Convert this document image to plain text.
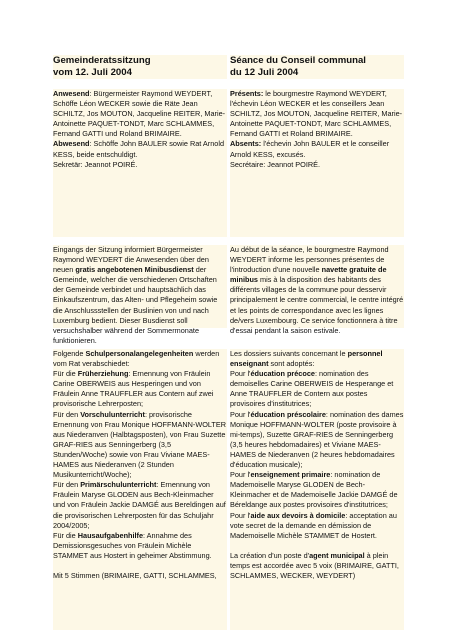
Gemeinderatssitzung
vom 12. Juli 2004

Séance du Conseil communal
du 12 Juli 2004

Anwesend: Bürgermeister Raymond WEYDERT, Schöffe Léon WECKER sowie die Räte Jean SCHILTZ, Jos MOUTON, Jacqueline REITER, Marie-Antoinette PAQUET-TONDT, Marc SCHLAMMES, Fernand GATTI und Roland BRIMAIRE.

Abwesend: Schöffe John BAULER sowie Rat Arnold KESS, beide entschuldigt.

Sekretär: Jeannot POIRÉ.

Présents: le bourgmestre Raymond WEYDERT, l'échevin Léon WECKER et les conseillers Jean SCHILTZ, Jos MOUTON, Jacqueline REITER, Marie-Antoinette PAQUET-TONDT, Marc SCHLAMMES, Fernand GATTI et Roland BRIMAIRE.

Absents: l'échevin John BAULER et le conseiller Arnold KESS, excusés.

Secrétaire: Jeannot POIRÉ.

Eingangs der Sitzung informiert Bürgermeister Raymond WEYDERT die Anwesenden über den neuen gratis angebotenen Minibusdienst der Gemeinde, welcher die verschiedenen Ortschaften der Gemeinde verbindet und hauptsächlich das Einkaufszentrum, das Alten- und Pflegeheim sowie die Anschlussstellen der Buslinien von und nach Luxemburg bedient. Dieser Busdienst soll versuchshalber während der Sommermonate funktionieren.

Au début de la séance, le bourgmestre Raymond WEYDERT informe les personnes présentes de l'introduction d'une nouvelle navette gratuite de minibus mis à la disposition des habitants des différents villages de la commune pour desservir principalement le centre commercial, le centre intégré et les points de correspondance avec les lignes de/vers Luxembourg. Ce service fonctionnera à titre d'essai pendant la saison estivale.

Folgende Schulpersonalangelegenheiten werden vom Rat verabschiedet:

Für die Früherziehung: Ernennung von Fräulein Carine OBERWEIS aus Hesperingen und von Fräulein Anne TRAUFFLER aus Contern auf zwei provisorische Lehrerposten;

Für den Vorschulunterricht: provisorische Ernennung von Frau Monique HOFFMANN-WOLTER aus Niederanven (Halbtagsposten), von Frau Suzette GRAF-RIES aus Senningerberg (3,5 Stunden/Woche) sowie von Frau Viviane MAES-HAMES aus Niederanven (2 Stunden Musikunterricht/Woche);

Für den Primärschulunterricht: Ernennung von Fräulein Maryse GLODEN aus Bech-Kleinmacher und von Fräulein Jackie DAMGÉ aus Bereldingen auf die provisorischen Lehrerposten für das Schuljahr 2004/2005;

Für die Hausaufgabenhilfe: Annahme des Demissionsgesuches von Fräulein Michèle STAMMET aus Hostert in geheimer Abstimmung.

Mit 5 Stimmen (BRIMAIRE, GATTI, SCHLAMMES,

Les dossiers suivants concernant le personnel enseignant sont adoptés:

Pour l'éducation précoce: nomination des demoiselles Carine OBERWEIS de Hesperange et Anne TRAUFFLER de Contern aux postes provisoires d'institutrices;

Pour l'éducation préscolaire: nomination des dames Monique HOFFMANN-WOLTER (poste provisoire à mi-temps), Suzette GRAF-RIES de Senningerberg (3,5 heures hebdomadaires) et Viviane MAES-HAMES de Niederanven (2 heures hebdomadaires d'éducation musicale);

Pour l'enseignement primaire: nomination de Mademoiselle Maryse GLODEN de Bech-Kleinmacher et de Mademoiselle Jackie DAMGÉ de Béreldange aux postes provisoires d'institutrices;

Pour l'aide aux devoirs à domicile: acceptation au vote secret de la demande en démission de Mademoiselle Michèle STAMMET de Hostert.

La création d'un poste d'agent municipal à plein temps est accordée avec 5 voix (BRIMAIRE, GATTI, SCHLAMMES, WECKER, WEYDERT)
